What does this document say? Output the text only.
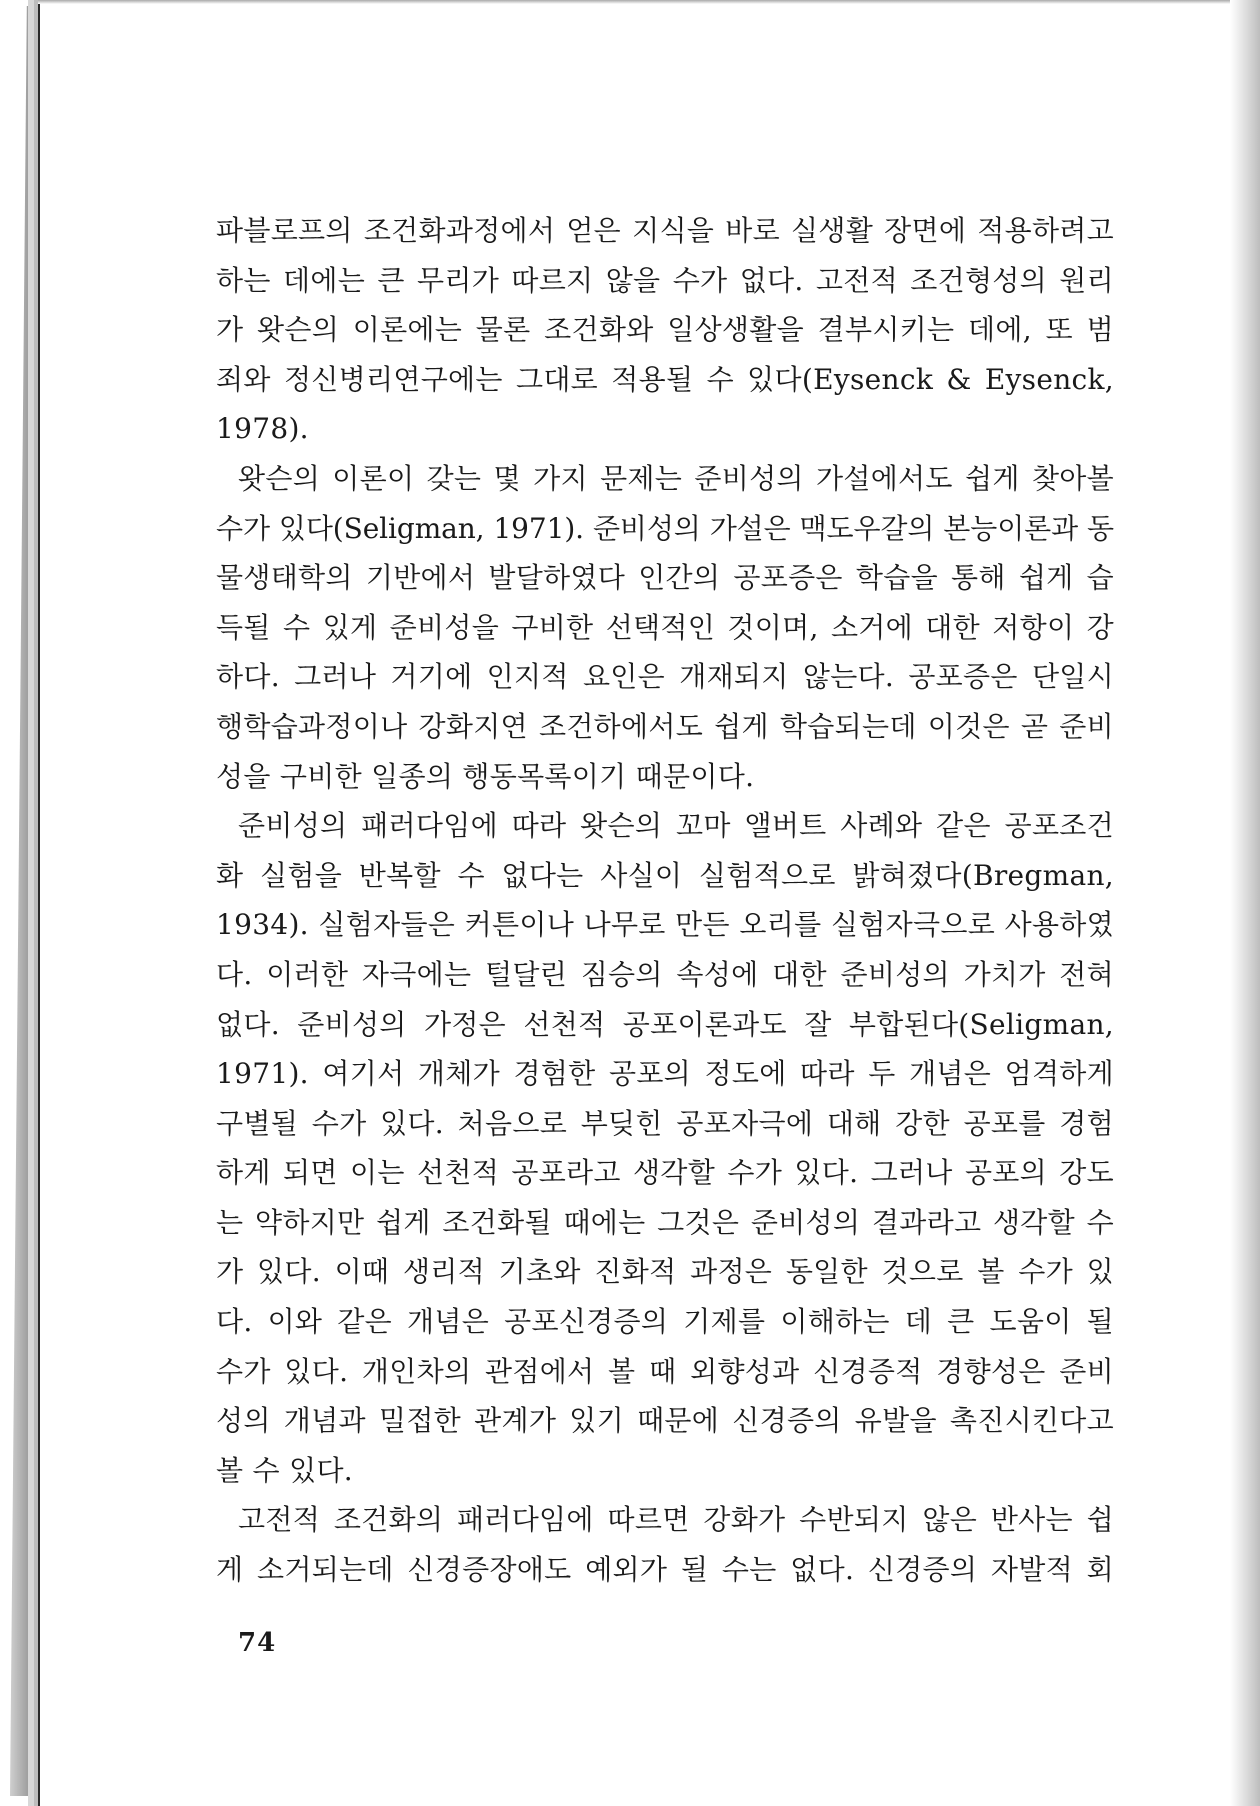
파블로프의 조건화과정에서 얻은 지식을 바로 실생활 장면에 적용하려고
하는 데에는 큰 무리가 따르지 않을 수가 없다. 고전적 조건형성의 원리
가 왓슨의 이론에는 물론 조건화와 일상생활을 결부시키는 데에, 또 범
죄와 정신병리연구에는 그대로 적용될 수 있다(Eysenck & Eysenck,
1978).
왓슨의 이론이 갖는 몇 가지 문제는 준비성의 가설에서도 쉽게 찾아볼
수가 있다(Seligman, 1971). 준비성의 가설은 맥도우갈의 본능이론과 동
물생태학의 기반에서 발달하였다 인간의 공포증은 학습을 통해 쉽게 습
득될 수 있게 준비성을 구비한 선택적인 것이며, 소거에 대한 저항이 강
하다. 그러나 거기에 인지적 요인은 개재되지 않는다. 공포증은 단일시
행학습과정이나 강화지연 조건하에서도 쉽게 학습되는데 이것은 곧 준비
성을 구비한 일종의 행동목록이기 때문이다.
준비성의 패러다임에 따라 왓슨의 꼬마 앨버트 사례와 같은 공포조건
화 실험을 반복할 수 없다는 사실이 실험적으로 밝혀졌다(Bregman,
1934). 실험자들은 커튼이나 나무로 만든 오리를 실험자극으로 사용하였
다. 이러한 자극에는 털달린 짐승의 속성에 대한 준비성의 가치가 전혀
없다. 준비성의 가정은 선천적 공포이론과도 잘 부합된다(Seligman,
1971). 여기서 개체가 경험한 공포의 정도에 따라 두 개념은 엄격하게
구별될 수가 있다. 처음으로 부딪힌 공포자극에 대해 강한 공포를 경험
하게 되면 이는 선천적 공포라고 생각할 수가 있다. 그러나 공포의 강도
는 약하지만 쉽게 조건화될 때에는 그것은 준비성의 결과라고 생각할 수
가 있다. 이때 생리적 기초와 진화적 과정은 동일한 것으로 볼 수가 있
다. 이와 같은 개념은 공포신경증의 기제를 이해하는 데 큰 도움이 될
수가 있다. 개인차의 관점에서 볼 때 외향성과 신경증적 경향성은 준비
성의 개념과 밀접한 관계가 있기 때문에 신경증의 유발을 촉진시킨다고
볼 수 있다.
고전적 조건화의 패러다임에 따르면 강화가 수반되지 않은 반사는 쉽
게 소거되는데 신경증장애도 예외가 될 수는 없다. 신경증의 자발적 회
74
